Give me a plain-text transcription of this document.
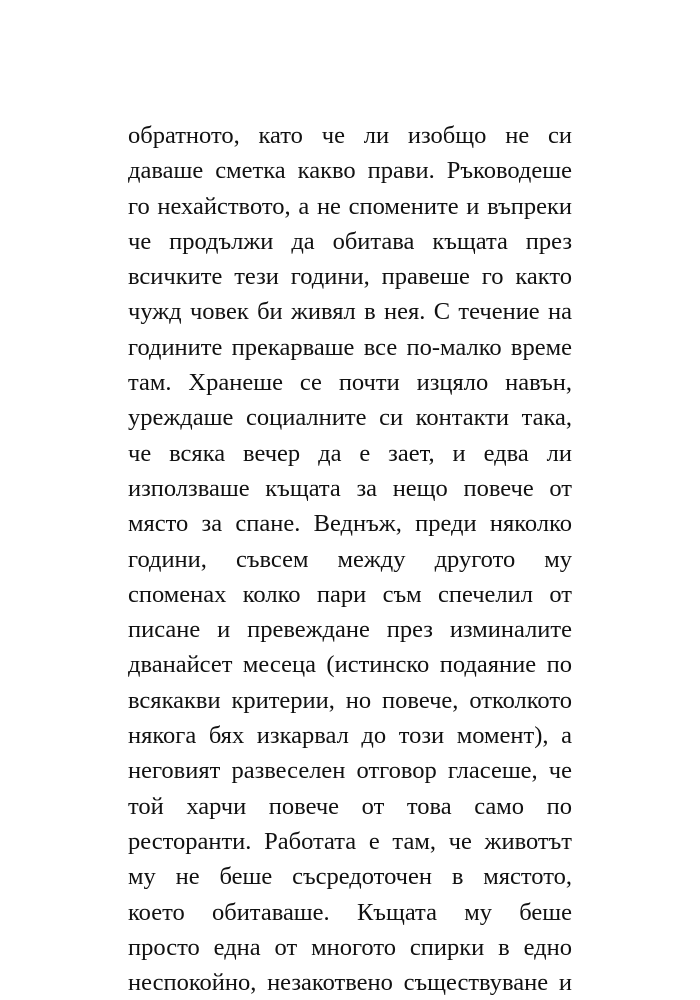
обратното, като че ли изобщо не си
даваше сметка какво прави. Ръководеше
го нехайството, а не спомените и въпреки
че продължи да обитава къщата през
всичките тези години, правеше го както
чужд човек би живял в нея. С течение на
годините прекарваше все по-малко време
там. Хранеше се почти изцяло навън,
уреждаше социалните си контакти така,
че всяка вечер да е зает, и едва ли
използваше къщата за нещо повече от
място за спане. Веднъж, преди няколко
години, съвсем между другото му
споменах колко пари съм спечелил от
писане и превеждане през изминалите
дванайсет месеца (истинско подаяние по
всякакви критерии, но повече, отколкото
някога бях изкарвал до този момент), а
неговият развеселен отговор гласеше, че
той харчи повече от това само по
ресторанти. Работата е там, че животът
му не беше съсредоточен в мястото,
което обитаваше. Къщата му беше
просто една от многото спирки в едно
неспокойно, незакотвено съществуване и
